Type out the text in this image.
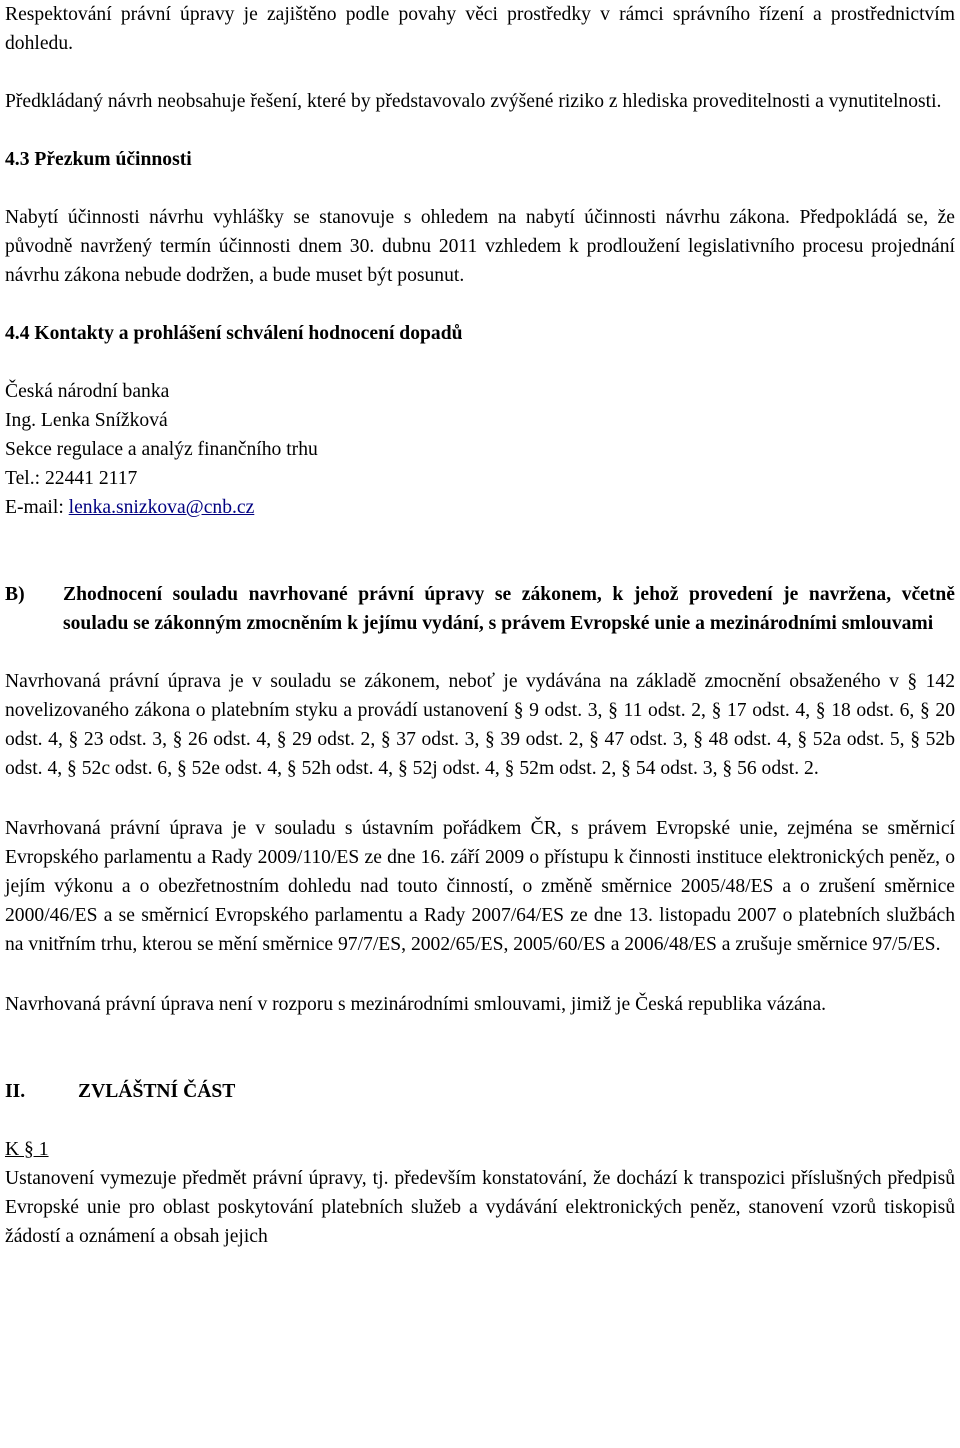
Respektování právní úpravy je zajištěno podle povahy věci prostředky v rámci správního řízení a prostřednictvím dohledu.

Předkládaný návrh neobsahuje řešení, které by představovalo zvýšené riziko z hlediska proveditelnosti a vynutitelnosti.

4.3 Přezkum účinnosti

Nabytí účinnosti návrhu vyhlášky se stanovuje s ohledem na nabytí účinnosti návrhu zákona. Předpokládá se, že původně navržený termín účinnosti dnem 30. dubnu 2011 vzhledem k prodloužení legislativního procesu projednání návrhu zákona nebude dodržen, a bude muset být posunut.

4.4 Kontakty a prohlášení schválení hodnocení dopadů
Česká národní banka
Ing. Lenka Snížková
Sekce regulace a analýz finančního trhu
Tel.: 22441 2117
E-mail: lenka.snizkova@cnb.cz
B)	Zhodnocení souladu navrhované právní úpravy se zákonem, k jehož provedení je navržena, včetně souladu se zákonným zmocněním k jejímu vydání, s právem Evropské unie a mezinárodními smlouvami

Navrhovaná právní úprava je v souladu se zákonem, neboť je vydávána na základě zmocnění obsaženého v § 142 novelizovaného zákona o platebním styku a provádí ustanovení § 9 odst. 3, § 11 odst. 2, § 17 odst. 4, § 18 odst. 6, § 20 odst. 4, § 23 odst. 3, § 26 odst. 4, § 29 odst. 2, § 37 odst. 3, § 39 odst. 2, § 47 odst. 3, § 48 odst. 4, § 52a odst. 5, § 52b odst. 4, § 52c odst. 6, § 52e odst. 4, § 52h odst. 4, § 52j odst. 4, § 52m odst. 2, § 54 odst. 3, § 56 odst. 2.

Navrhovaná právní úprava je v souladu s ústavním pořádkem ČR, s právem Evropské unie, zejména se směrnicí Evropského parlamentu a Rady 2009/110/ES ze dne 16. září 2009 o přístupu k činnosti instituce elektronických peněz, o jejím výkonu a o obezřetnostním dohledu nad touto činností, o změně směrnice 2005/48/ES a o zrušení směrnice 2000/46/ES a se směrnicí Evropského parlamentu a Rady 2007/64/ES ze dne 13. listopadu 2007 o platebních službách na vnitřním trhu, kterou se mění směrnice 97/7/ES, 2002/65/ES, 2005/60/ES a 2006/48/ES a zrušuje směrnice 97/5/ES.

Navrhovaná právní úprava není v rozporu s mezinárodními smlouvami, jimiž je Česká republika vázána.

II.	ZVLÁŠTNÍ ČÁST
K § 1

Ustanovení vymezuje předmět právní úpravy, tj. především konstatování, že dochází k transpozici příslušných předpisů Evropské unie pro oblast poskytování platebních služeb a vydávání elektronických peněz, stanovení vzorů tiskopisů žádostí a oznámení a obsah jejich
